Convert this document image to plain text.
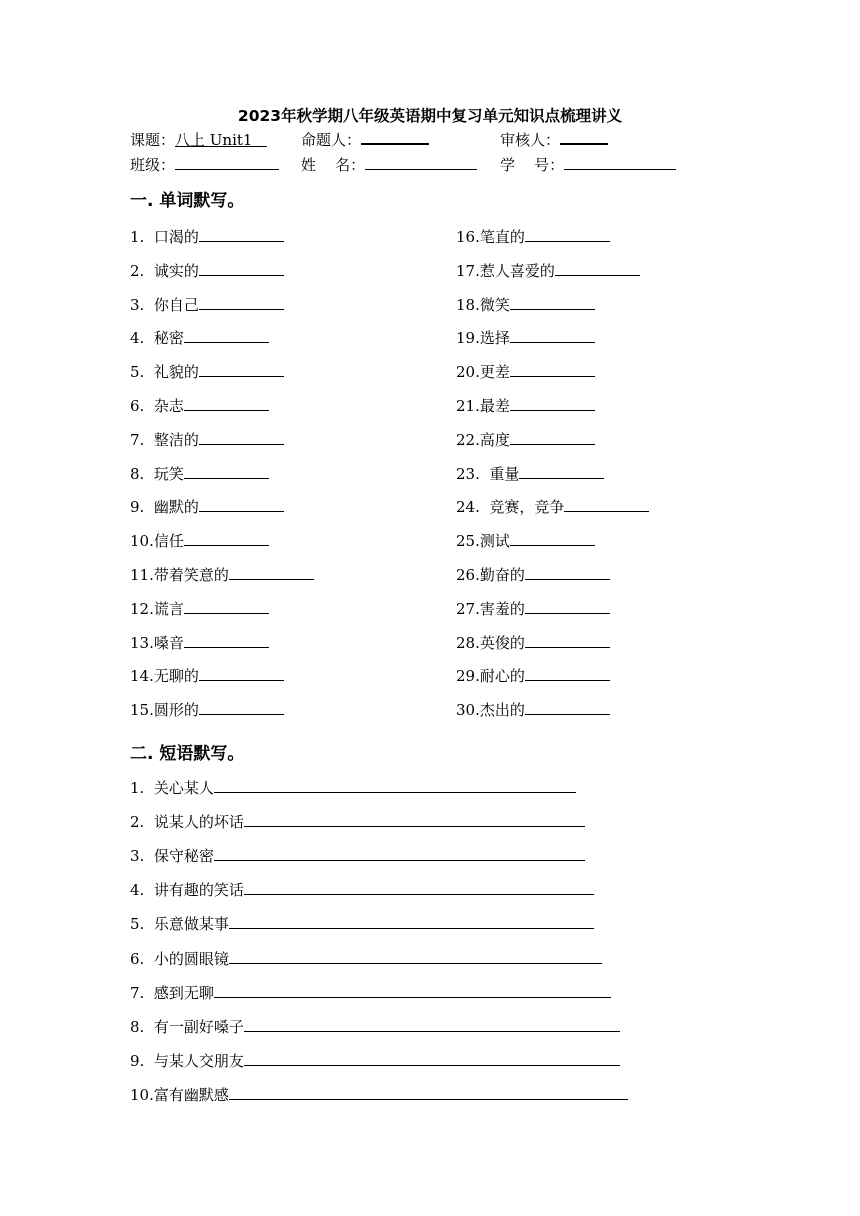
2023年秋学期八年级英语期中复习单元知识点梳理讲义
课题：八上 Unit1	命题人：	审核人：
班级：	姓    名：	学    号：
一. 单词默写。
1.  口渴的
2.  诚实的
3.  你自己
4.  秘密
5.  礼貌的
6.  杂志
7.  整洁的
8.  玩笑
9.  幽默的
10.信任
11.带着笑意的
12.谎言
13.嗓音
14.无聊的
15.圆形的
16.笔直的
17.惹人喜爱的
18.微笑
19.选择
20.更差
21.最差
22.高度
23.  重量
24.  竞赛，竞争
25.测试
26.勤奋的
27.害羞的
28.英俊的
29.耐心的
30.杰出的
二. 短语默写。
1.  关心某人
2.  说某人的坏话
3.  保守秘密
4.  讲有趣的笑话
5.  乐意做某事
6.  小的圆眼镜
7.  感到无聊
8.  有一副好嗓子
9.  与某人交朋友
10.富有幽默感
